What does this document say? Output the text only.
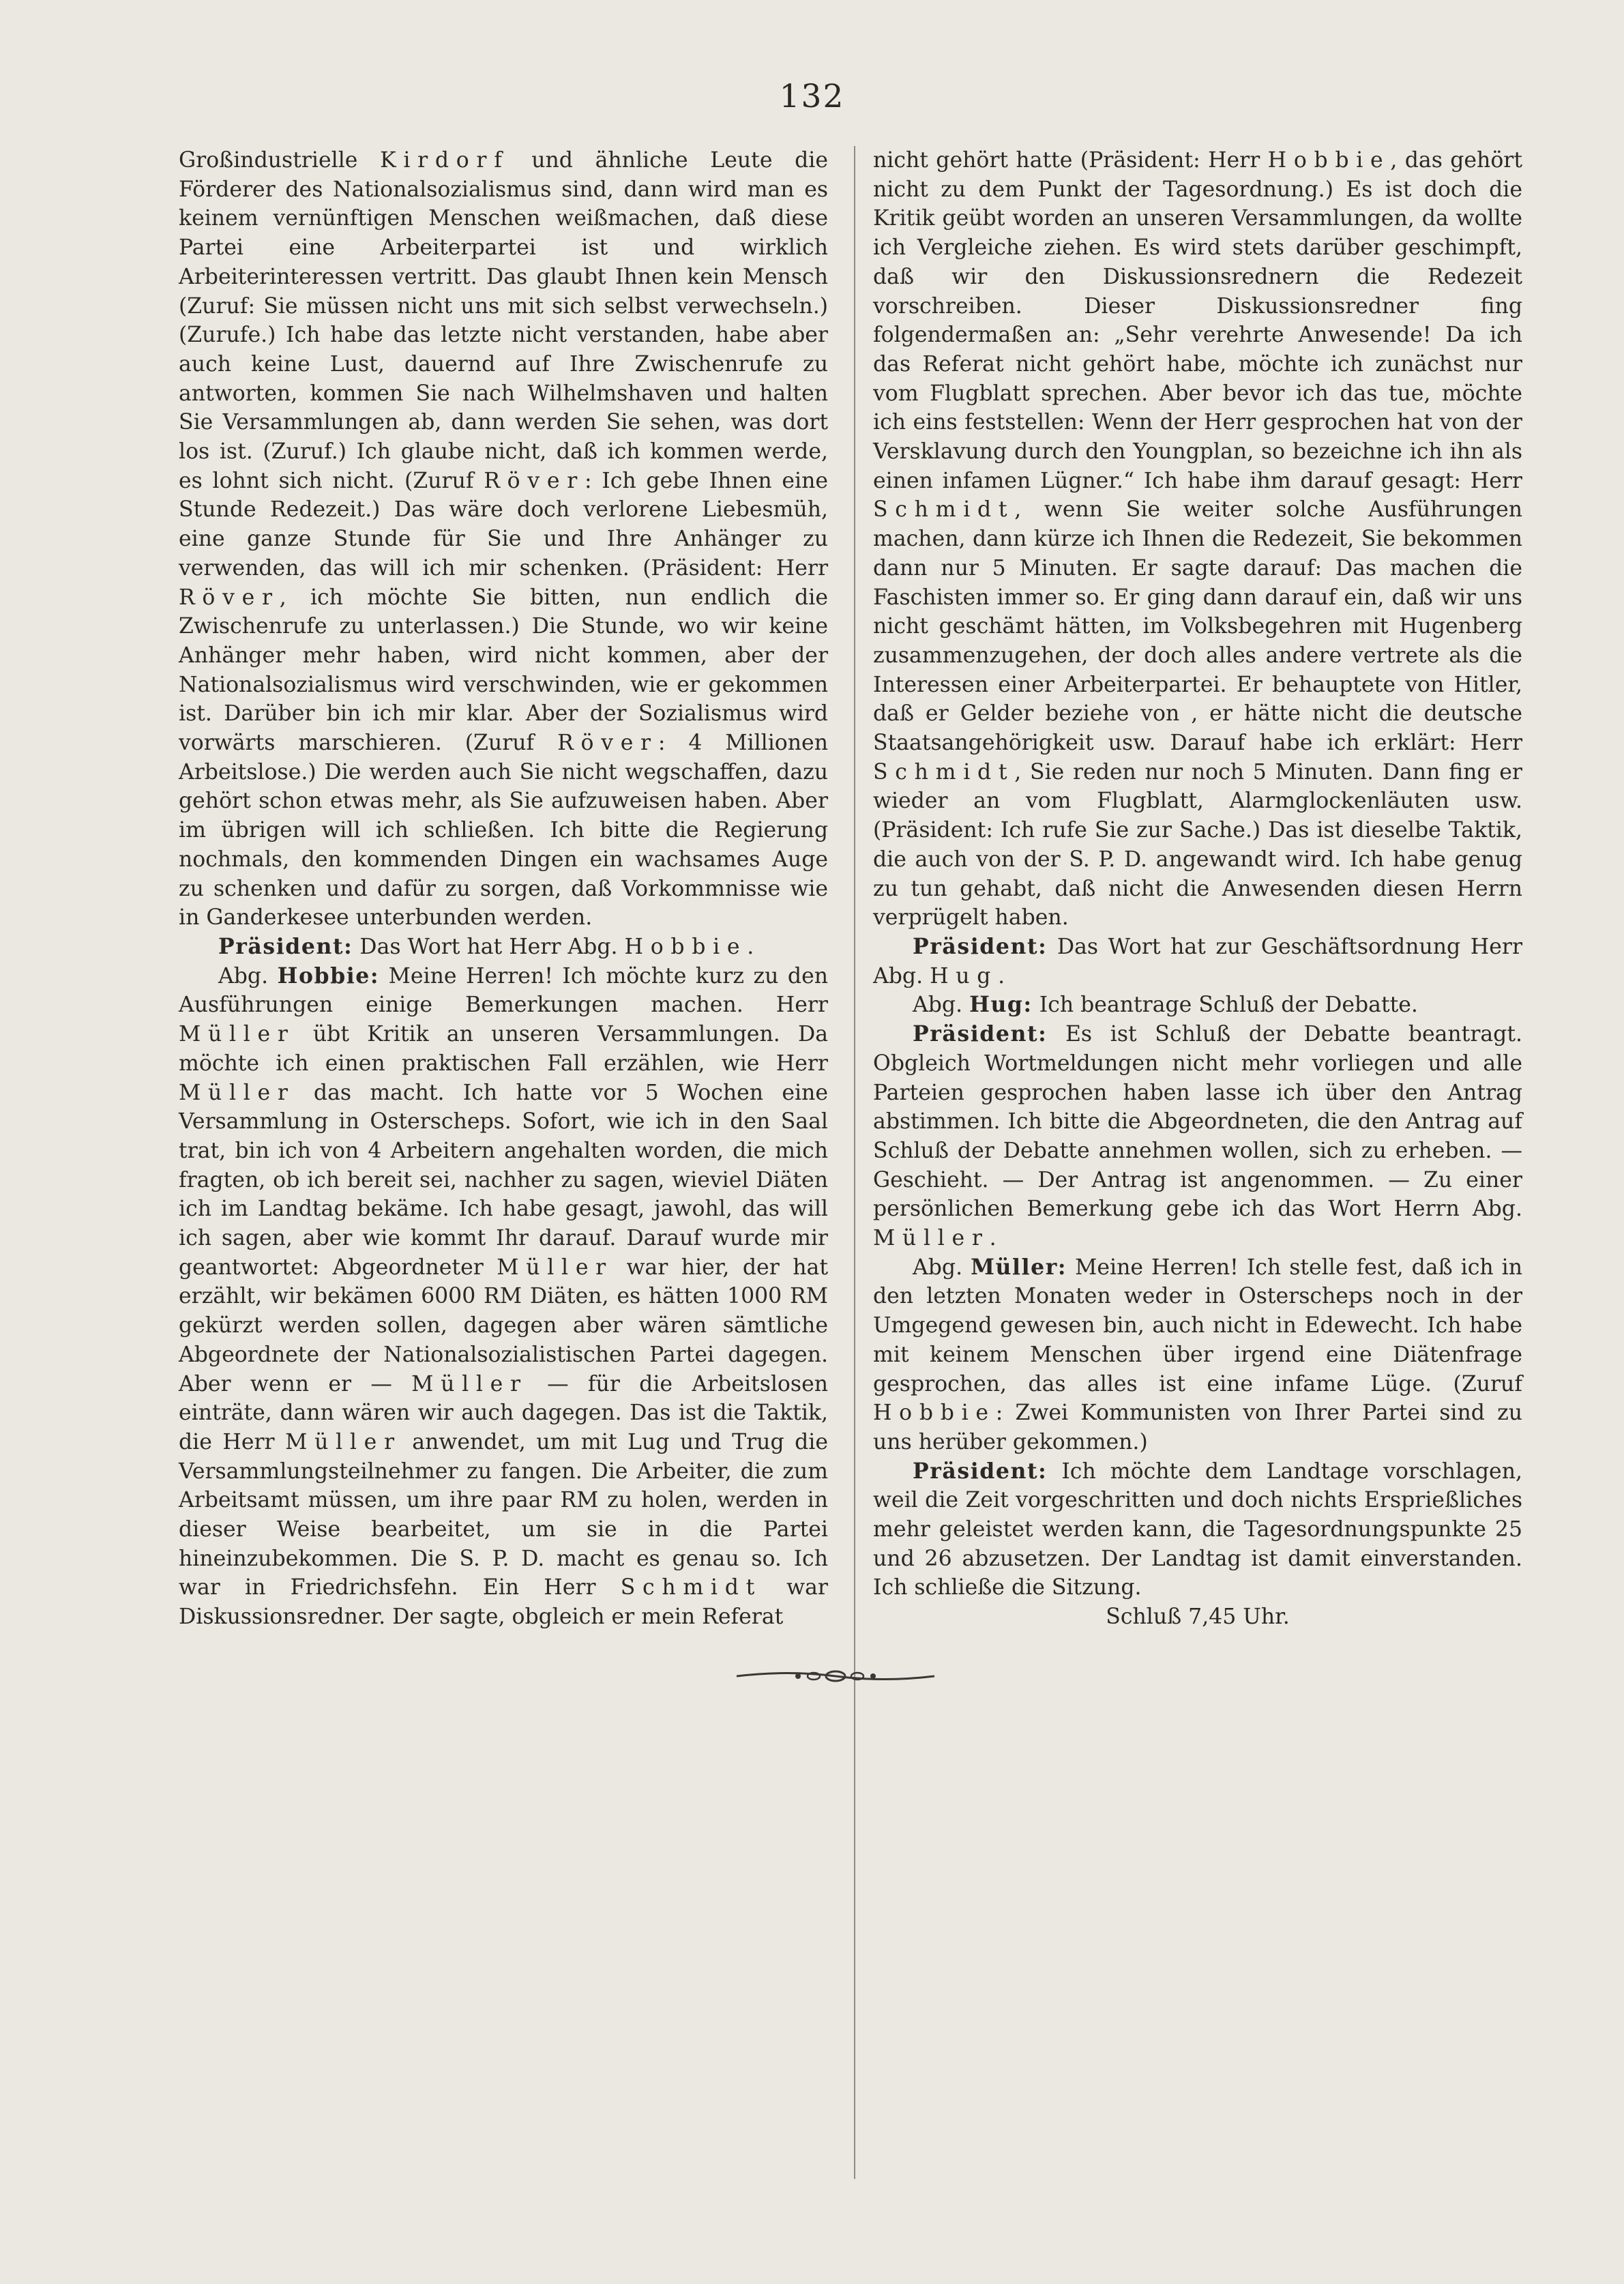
132

Großindustrielle Kirdorf und ähnliche Leute die Förderer des Nationalsozialismus sind, dann wird man es keinem vernünftigen Menschen weißmachen, daß diese Partei eine Arbeiterpartei ist und wirklich Arbeiterinteressen vertritt. Das glaubt Ihnen kein Mensch (Zuruf: Sie müssen nicht uns mit sich selbst verwechseln.) (Zurufe.) Ich habe das letzte nicht verstanden, habe aber auch keine Lust, dauernd auf Ihre Zwischenrufe zu antworten, kommen Sie nach Wilhelmshaven und halten Sie Versammlungen ab, dann werden Sie sehen, was dort los ist. (Zuruf.) Ich glaube nicht, daß ich kommen werde, es lohnt sich nicht. (Zuruf Röver: Ich gebe Ihnen eine Stunde Redezeit.) Das wäre doch verlorene Liebesmüh, eine ganze Stunde für Sie und Ihre Anhänger zu verwenden, das will ich mir schenken. (Präsident: Herr Röver, ich möchte Sie bitten, nun endlich die Zwischenrufe zu unterlassen.) Die Stunde, wo wir keine Anhänger mehr haben, wird nicht kommen, aber der Nationalsozialismus wird verschwinden, wie er gekommen ist. Darüber bin ich mir klar. Aber der Sozialismus wird vorwärts marschieren. (Zuruf Röver: 4 Millionen Arbeitslose.) Die werden auch Sie nicht wegschaffen, dazu gehört schon etwas mehr, als Sie aufzuweisen haben. Aber im übrigen will ich schließen. Ich bitte die Regierung nochmals, den kommenden Dingen ein wachsames Auge zu schenken und dafür zu sorgen, daß Vorkommnisse wie in Ganderkesee unterbunden werden.

Präsident: Das Wort hat Herr Abg. Hobbie.

Abg. Hobbie: Meine Herren! Ich möchte kurz zu den Ausführungen einige Bemerkungen machen. Herr Müller übt Kritik an unseren Versammlungen. Da möchte ich einen praktischen Fall erzählen, wie Herr Müller das macht. Ich hatte vor 5 Wochen eine Versammlung in Osterscheps. Sofort, wie ich in den Saal trat, bin ich von 4 Arbeitern angehalten worden, die mich fragten, ob ich bereit sei, nachher zu sagen, wieviel Diäten ich im Landtag bekäme. Ich habe gesagt, jawohl, das will ich sagen, aber wie kommt Ihr darauf. Darauf wurde mir geantwortet: Abgeordneter Müller war hier, der hat erzählt, wir bekämen 6000 RM Diäten, es hätten 1000 RM gekürzt werden sollen, dagegen aber wären sämtliche Abgeordnete der Nationalsozialistischen Partei dagegen. Aber wenn er — Müller — für die Arbeitslosen einträte, dann wären wir auch dagegen. Das ist die Taktik, die Herr Müller anwendet, um mit Lug und Trug die Versammlungsteilnehmer zu fangen. Die Arbeiter, die zum Arbeitsamt müssen, um ihre paar RM zu holen, werden in dieser Weise bearbeitet, um sie in die Partei hineinzubekommen. Die S. P. D. macht es genau so. Ich war in Friedrichsfehn. Ein Herr Schmidt war Diskussionsredner. Der sagte, obgleich er mein Referat

nicht gehört hatte (Präsident: Herr Hobbie, das gehört nicht zu dem Punkt der Tagesordnung.) Es ist doch die Kritik geübt worden an unseren Versammlungen, da wollte ich Vergleiche ziehen. Es wird stets darüber geschimpft, daß wir den Diskussionsrednern die Redezeit vorschreiben. Dieser Diskussionsredner fing folgendermaßen an: „Sehr verehrte Anwesende! Da ich das Referat nicht gehört habe, möchte ich zunächst nur vom Flugblatt sprechen. Aber bevor ich das tue, möchte ich eins feststellen: Wenn der Herr gesprochen hat von der Versklavung durch den Youngplan, so bezeichne ich ihn als einen infamen Lügner.“ Ich habe ihm darauf gesagt: Herr Schmidt, wenn Sie weiter solche Ausführungen machen, dann kürze ich Ihnen die Redezeit, Sie bekommen dann nur 5 Minuten. Er sagte darauf: Das machen die Faschisten immer so. Er ging dann darauf ein, daß wir uns nicht geschämt hätten, im Volksbegehren mit Hugenberg zusammenzugehen, der doch alles andere vertrete als die Interessen einer Arbeiterpartei. Er behauptete von Hitler, daß er Gelder beziehe von , er hätte nicht die deutsche Staatsangehörigkeit usw. Darauf habe ich erklärt: Herr Schmidt, Sie reden nur noch 5 Minuten. Dann fing er wieder an vom Flugblatt, Alarmglockenläuten usw. (Präsident: Ich rufe Sie zur Sache.) Das ist dieselbe Taktik, die auch von der S. P. D. angewandt wird. Ich habe genug zu tun gehabt, daß nicht die Anwesenden diesen Herrn verprügelt haben.

Präsident: Das Wort hat zur Geschäftsordnung Herr Abg. Hug.

Abg. Hug: Ich beantrage Schluß der Debatte.

Präsident: Es ist Schluß der Debatte beantragt. Obgleich Wortmeldungen nicht mehr vorliegen und alle Parteien gesprochen haben lasse ich über den Antrag abstimmen. Ich bitte die Abgeordneten, die den Antrag auf Schluß der Debatte annehmen wollen, sich zu erheben. — Geschieht. — Der Antrag ist angenommen. — Zu einer persönlichen Bemerkung gebe ich das Wort Herrn Abg. Müller.

Abg. Müller: Meine Herren! Ich stelle fest, daß ich in den letzten Monaten weder in Osterscheps noch in der Umgegend gewesen bin, auch nicht in Edewecht. Ich habe mit keinem Menschen über irgend eine Diätenfrage gesprochen, das alles ist eine infame Lüge. (Zuruf Hobbie: Zwei Kommunisten von Ihrer Partei sind zu uns herüber gekommen.)

Präsident: Ich möchte dem Landtage vorschlagen, weil die Zeit vorgeschritten und doch nichts Ersprießliches mehr geleistet werden kann, die Tagesordnungspunkte 25 und 26 abzusetzen. Der Landtag ist damit einverstanden. Ich schließe die Sitzung.

Schluß 7,45 Uhr.
